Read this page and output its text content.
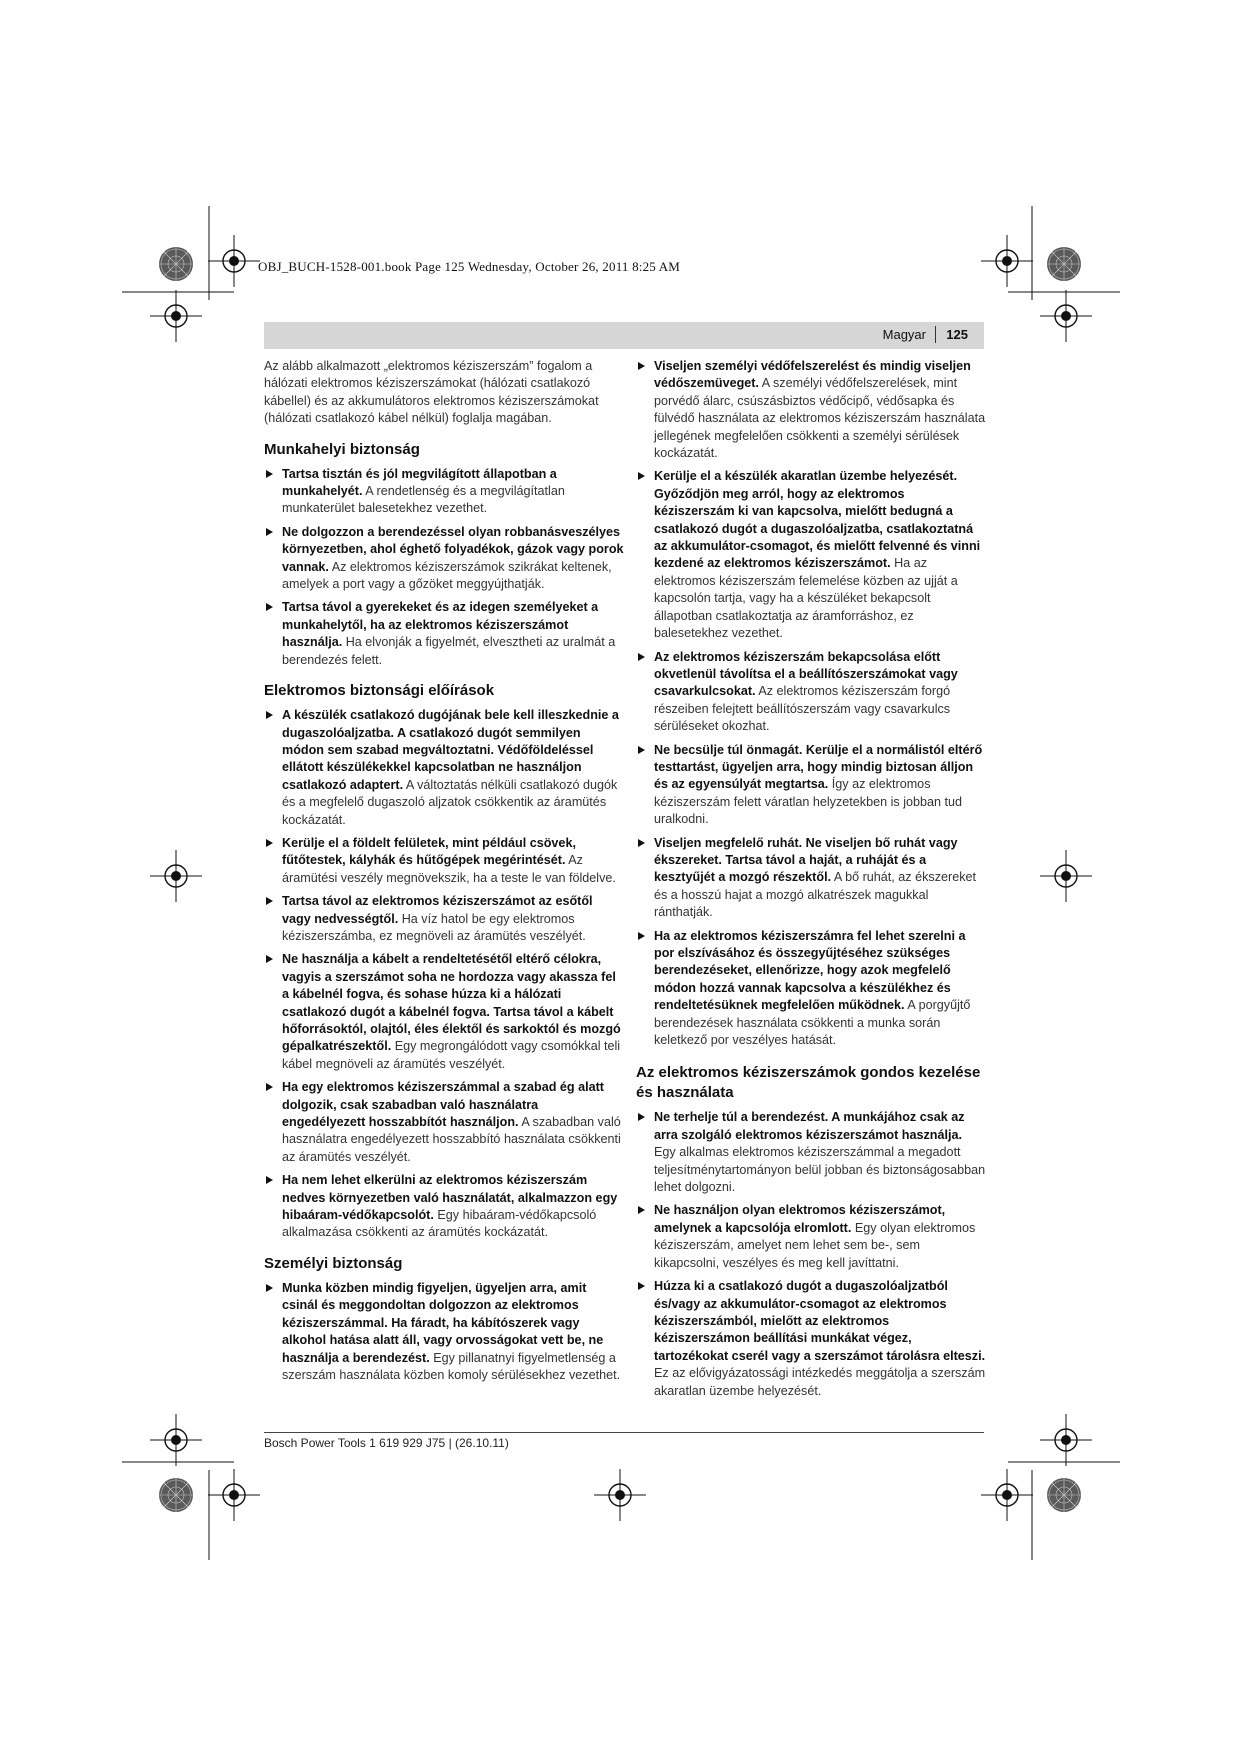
OBJ_BUCH-1528-001.book Page 125 Wednesday, October 26, 2011 8:25 AM
Magyar 125

Az alább alkalmazott „elektromos kéziszerszám” fogalom a hálózati elektromos kéziszerszámokat (hálózati csatlakozó kábellel) és az akkumulátoros elektromos kéziszerszámokat (hálózati csatlakozó kábel nélkül) foglalja magában.

Munkahelyi biztonság
Tartsa tisztán és jól megvilágított állapotban a munkahelyét. A rendetlenség és a megvilágítatlan munkaterület balesetekhez vezethet.
Ne dolgozzon a berendezéssel olyan robbanásveszélyes környezetben, ahol éghető folyadékok, gázok vagy porok vannak. Az elektromos kéziszerszámok szikrákat keltenek, amelyek a port vagy a gőzöket meggyújthatják.
Tartsa távol a gyerekeket és az idegen személyeket a munkahelytől, ha az elektromos kéziszerszámot használja. Ha elvonják a figyelmét, elvesztheti az uralmát a berendezés felett.
Elektromos biztonsági előírások
A készülék csatlakozó dugójának bele kell illeszkednie a dugaszolóaljzatba. A csatlakozó dugót semmilyen módon sem szabad megváltoztatni. Védőföldeléssel ellátott készülékekkel kapcsolatban ne használjon csatlakozó adaptert. A változtatás nélküli csatlakozó dugók és a megfelelő dugaszoló aljzatok csökkentik az áramütés kockázatát.
Kerülje el a földelt felületek, mint például csövek, fűtőtestek, kályhák és hűtőgépek megérintését. Az áramütési veszély megnövekszik, ha a teste le van földelve.
Tartsa távol az elektromos kéziszerszámot az esőtől vagy nedvességtől. Ha víz hatol be egy elektromos kéziszerszámba, ez megnöveli az áramütés veszélyét.
Ne használja a kábelt a rendeltetésétől eltérő célokra, vagyis a szerszámot soha ne hordozza vagy akassza fel a kábelnél fogva, és sohase húzza ki a hálózati csatlakozó dugót a kábelnél fogva. Tartsa távol a kábelt hőforrásoktól, olajtól, éles élektől és sarkoktól és mozgó gépalkatrészektől. Egy megrongálódott vagy csomókkal teli kábel megnöveli az áramütés veszélyét.
Ha egy elektromos kéziszerszámmal a szabad ég alatt dolgozik, csak szabadban való használatra engedélyezett hosszabbítót használjon. A szabadban való használatra engedélyezett hosszabbító használata csökkenti az áramütés veszélyét.
Ha nem lehet elkerülni az elektromos kéziszerszám nedves környezetben való használatát, alkalmazzon egy hibaáram-védőkapcsolót. Egy hibaáram-védőkapcsoló alkalmazása csökkenti az áramütés kockázatát.
Személyi biztonság
Munka közben mindig figyeljen, ügyeljen arra, amit csinál és meggondoltan dolgozzon az elektromos kéziszerszámmal. Ha fáradt, ha kábítószerek vagy alkohol hatása alatt áll, vagy orvosságokat vett be, ne használja a berendezést. Egy pillanatnyi figyelmetlenség a szerszám használata közben komoly sérülésekhez vezethet.
Viseljen személyi védőfelszerelést és mindig viseljen védőszemüveget. A személyi védőfelszerelések, mint porvédő álarc, csúszásbiztos védőcipő, védősapka és fülvédő használata az elektromos kéziszerszám használata jellegének megfelelően csökkenti a személyi sérülések kockázatát.
Kerülje el a készülék akaratlan üzembe helyezését. Győződjön meg arról, hogy az elektromos kéziszerszám ki van kapcsolva, mielőtt bedugná a csatlakozó dugót a dugaszolóaljzatba, csatlakoztatná az akkumulátor-csomagot, és mielőtt felvenné és vinni kezdené az elektromos kéziszerszámot. Ha az elektromos kéziszerszám felemelése közben az ujját a kapcsolón tartja, vagy ha a készüléket bekapcsolt állapotban csatlakoztatja az áramforráshoz, ez balesetekhez vezethet.
Az elektromos kéziszerszám bekapcsolása előtt okvetlenül távolítsa el a beállítószerszámokat vagy csavarkulcsokat. Az elektromos kéziszerszám forgó részeiben felejtett beállítószerszám vagy csavarkulcs sérüléseket okozhat.
Ne becsülje túl önmagát. Kerülje el a normálistól eltérő testtartást, ügyeljen arra, hogy mindig biztosan álljon és az egyensúlyát megtartsa. Így az elektromos kéziszerszám felett váratlan helyzetekben is jobban tud uralkodni.
Viseljen megfelelő ruhát. Ne viseljen bő ruhát vagy ékszereket. Tartsa távol a haját, a ruháját és a kesztyűjét a mozgó részektől. A bő ruhát, az ékszereket és a hosszú hajat a mozgó alkatrészek magukkal ránthatják.
Ha az elektromos kéziszerszámra fel lehet szerelni a por elszívásához és összegyűjtéséhez szükséges berendezéseket, ellenőrizze, hogy azok megfelelő módon hozzá vannak kapcsolva a készülékhez és rendeltetésüknek megfelelően működnek. A porgyűjtő berendezések használata csökkenti a munka során keletkező por veszélyes hatását.
Az elektromos kéziszerszámok gondos kezelése és használata
Ne terhelje túl a berendezést. A munkájához csak az arra szolgáló elektromos kéziszerszámot használja. Egy alkalmas elektromos kéziszerszámmal a megadott teljesítménytartományon belül jobban és biztonságosabban lehet dolgozni.
Ne használjon olyan elektromos kéziszerszámot, amelynek a kapcsolója elromlott. Egy olyan elektromos kéziszerszám, amelyet nem lehet sem be-, sem kikapcsolni, veszélyes és meg kell javíttatni.
Húzza ki a csatlakozó dugót a dugaszolóaljzatból és/vagy az akkumulátor-csomagot az elektromos kéziszerszámból, mielőtt az elektromos kéziszerszámon beállítási munkákat végez, tartozékokat cserél vagy a szerszámot tárolásra elteszi. Ez az elővigyázatossági intézkedés meggátolja a szerszám akaratlan üzembe helyezését.
Bosch Power Tools 1 619 929 J75 | (26.10.11)
